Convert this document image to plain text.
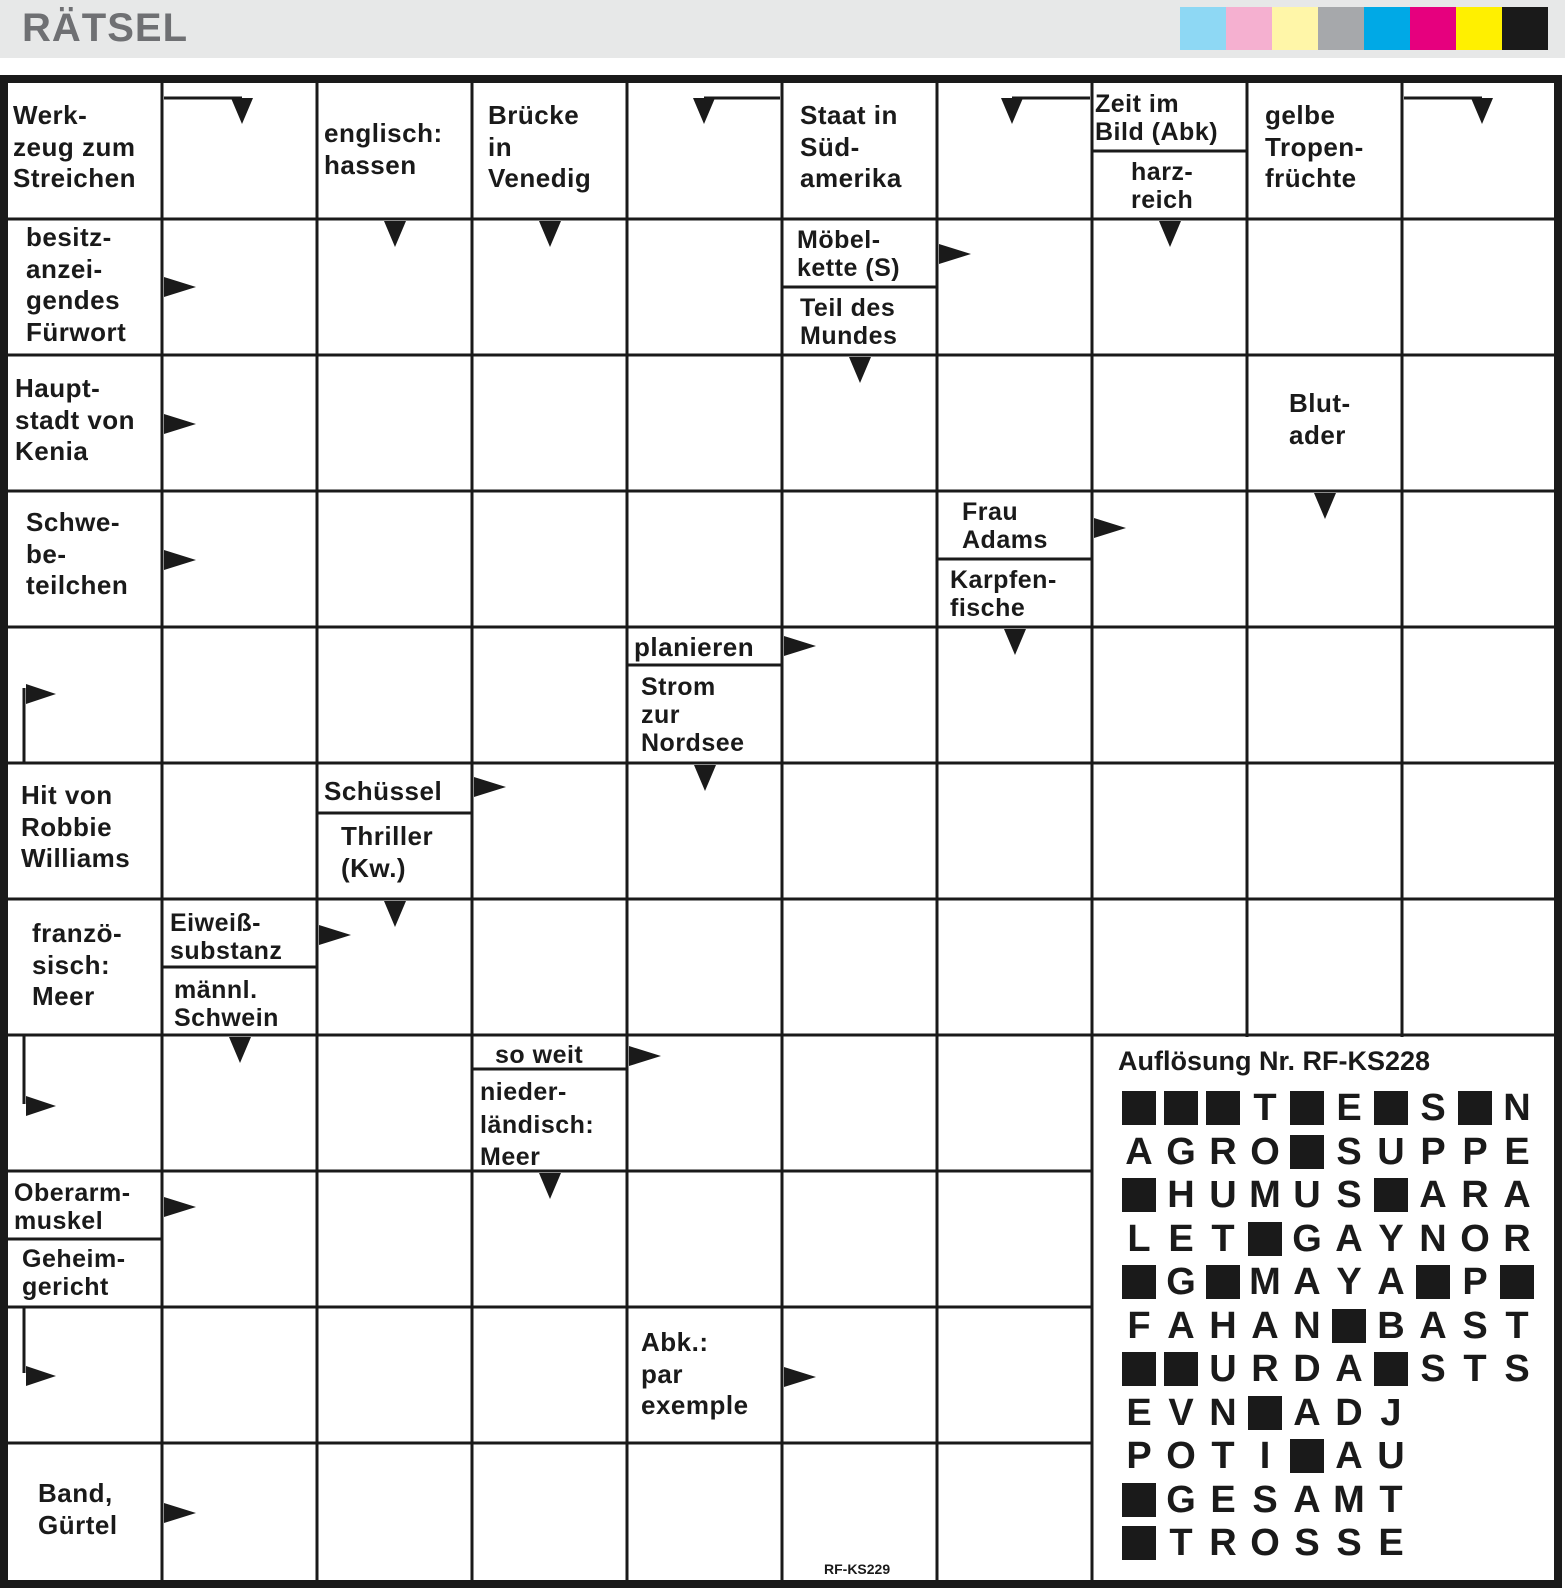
RÄTSEL
Werk-
zeug zum
Streichen
englisch:
hassen
Brücke
in
Venedig
Staat in
Süd-
amerika
Zeit im
Bild (Abk)
harz-
reich
gelbe
Tropen-
früchte
besitz-
anzei-
gendes
Fürwort
Möbel-
kette (S)
Teil des
Mundes
Haupt-
stadt von
Kenia
Blut-
ader
Schwe-
be-
teilchen
Frau
Adams
Karpfen-
fische
planieren
Strom
zur
Nordsee
Hit von
Robbie
Williams
Schüssel
Thriller
(Kw.)
franzö-
sisch:
Meer
Eiweiß-
substanz
männl.
Schwein
so weit
nieder-
ländisch:
Meer
Oberarm-
muskel
Geheim-
gericht
Abk.:
par
exemple
Band,
Gürtel
Auflösung Nr. RF-KS228
T E S N
A G R O S U P P E
H U M U S A R A
L E T G A Y N O R
G M A Y A P
F A H A N B A S T
U R D A S T S
E V N A D J
P O T I	A U
G E S A M T
T R O S S E
RF-KS229
